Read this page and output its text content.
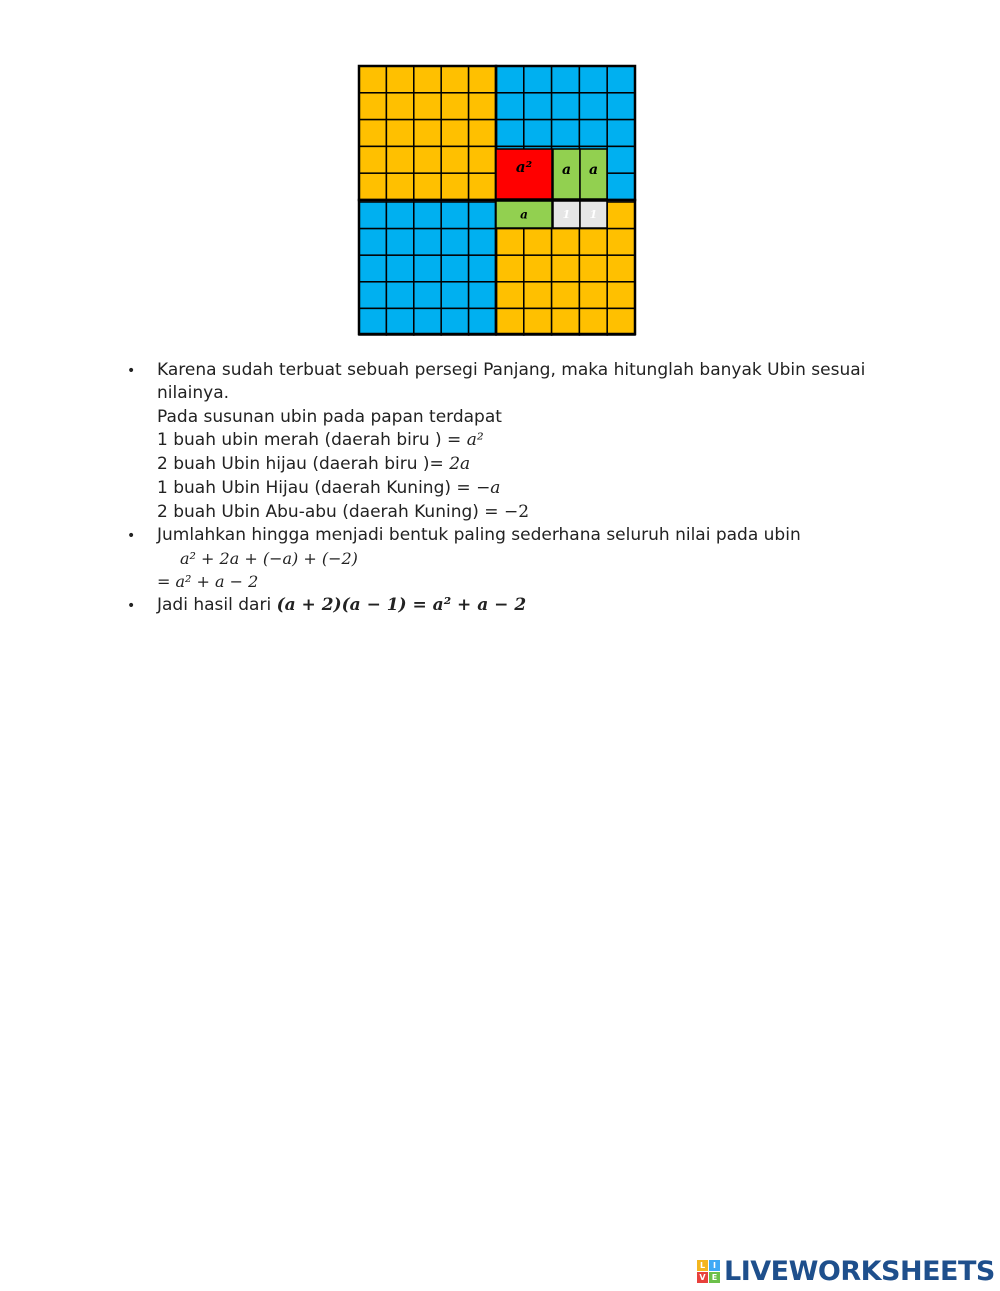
a² a a
a	1 1
• Karena sudah terbuat sebuah persegi Panjang, maka hitunglah banyak Ubin sesuai
nilainya.
Pada susunan ubin pada papan terdapat
1 buah ubin merah (daerah biru ) = a²
2 buah Ubin hijau (daerah biru )= 2a
1 buah Ubin Hijau (daerah Kuning) = −a
2 buah Ubin Abu-abu (daerah Kuning) = −2
• Jumlahkan hingga menjadi bentuk paling sederhana seluruh nilai pada ubin
a² + 2a + (−a) + (−2)
= a² + a − 2
• Jadi hasil dari (a + 2)(a − 1) = a² + a − 2
L I
V E LIVEWORKSHEETS
